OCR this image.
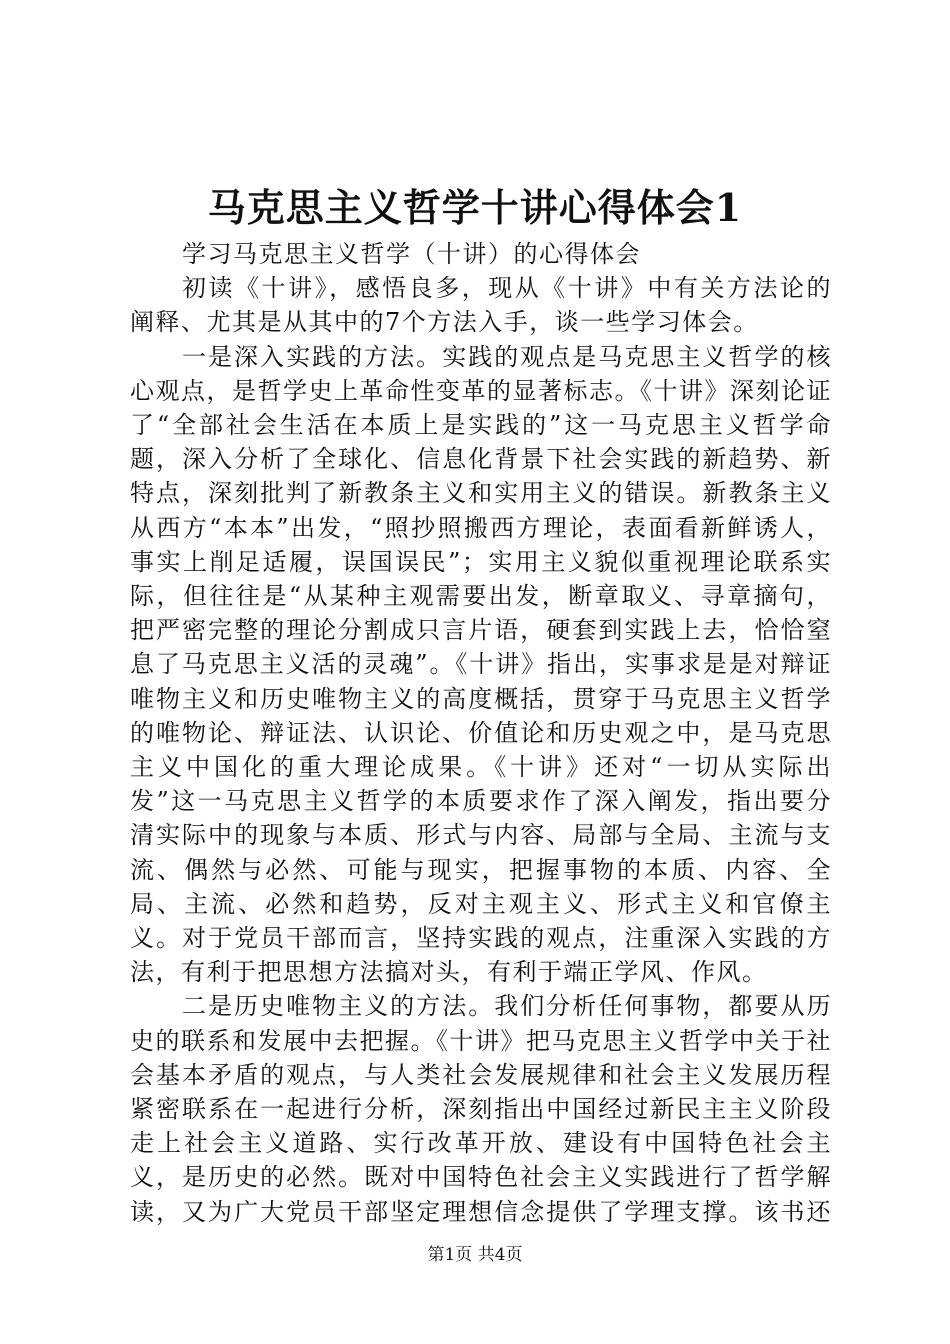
马克思主义哲学十讲心得体会1

学习马克思主义哲学（十讲）的心得体会

初读《十讲》，感悟良多，现从《十讲》中有关方法论的阐释、尤其是从其中的7个方法入手，谈一些学习体会。

一是深入实践的方法。实践的观点是马克思主义哲学的核心观点，是哲学史上革命性变革的显著标志。《十讲》深刻论证了“全部社会生活在本质上是实践的”这一马克思主义哲学命题，深入分析了全球化、信息化背景下社会实践的新趋势、新特点，深刻批判了新教条主义和实用主义的错误。新教条主义从西方“本本”出发，“照抄照搬西方理论，表面看新鲜诱人，事实上削足适履，误国误民”；实用主义貌似重视理论联系实际，但往往是“从某种主观需要出发，断章取义、寻章摘句，把严密完整的理论分割成只言片语，硬套到实践上去，恰恰窒息了马克思主义活的灵魂”。《十讲》指出，实事求是是对辩证唯物主义和历史唯物主义的高度概括，贯穿于马克思主义哲学的唯物论、辩证法、认识论、价值论和历史观之中，是马克思主义中国化的重大理论成果。《十讲》还对“一切从实际出发”这一马克思主义哲学的本质要求作了深入阐发，指出要分清实际中的现象与本质、形式与内容、局部与全局、主流与支流、偶然与必然、可能与现实，把握事物的本质、内容、全局、主流、必然和趋势，反对主观主义、形式主义和官僚主义。对于党员干部而言，坚持实践的观点，注重深入实践的方法，有利于把思想方法搞对头，有利于端正学风、作风。

二是历史唯物主义的方法。我们分析任何事物，都要从历史的联系和发展中去把握。《十讲》把马克思主义哲学中关于社会基本矛盾的观点，与人类社会发展规律和社会主义发展历程紧密联系在一起进行分析，深刻指出中国经过新民主主义阶段走上社会主义道路、实行改革开放、建设有中国特色社会主义，是历史的必然。既对中国特色社会主义实践进行了哲学解读，又为广大党员干部坚定理想信念提供了学理支撑。该书还

第1页 共4页
